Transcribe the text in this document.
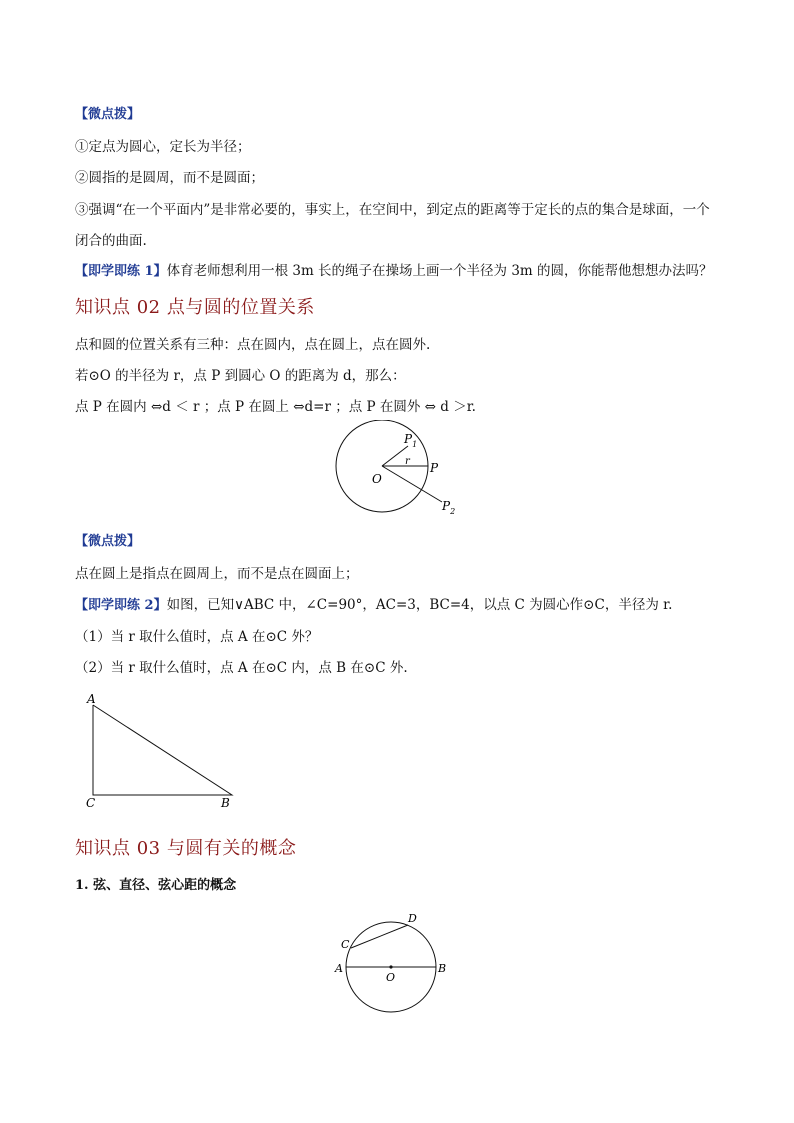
【微点拨】
①定点为圆心，定长为半径；
②圆指的是圆周，而不是圆面；
③强调“在一个平面内”是非常必要的，事实上，在空间中，到定点的距离等于定长的点的集合是球面，一个
闭合的曲面.
【即学即练 1】体育老师想利用一根 3m 长的绳子在操场上画一个半径为 3m 的圆，你能帮他想想办法吗？
知识点 02 点与圆的位置关系
点和圆的位置关系有三种：点在圆内，点在圆上，点在圆外.
若⊙O 的半径为 r，点 P 到圆心 O 的距离为 d，那么：
点 P 在圆内 ⇔d ＜ r ；点 P 在圆上 ⇔d=r ；点 P 在圆外 ⇔ d ＞r.
O
$P_1$
P
$P_2$
r
【微点拨】
点在圆上是指点在圆周上，而不是点在圆面上；
【即学即练 2】如图，已知∨ABC 中，∠C=90°，AC=3，BC=4，以点 C 为圆心作⊙C，半径为 r.
（1）当 r 取什么值时，点 A 在⊙C 外？
（2）当 r 取什么值时，点 A 在⊙C 内，点 B 在⊙C 外.
A
C	B
知识点 03 与圆有关的概念
1. 弦、直径、弦心距的概念
A	B
C
D
O
